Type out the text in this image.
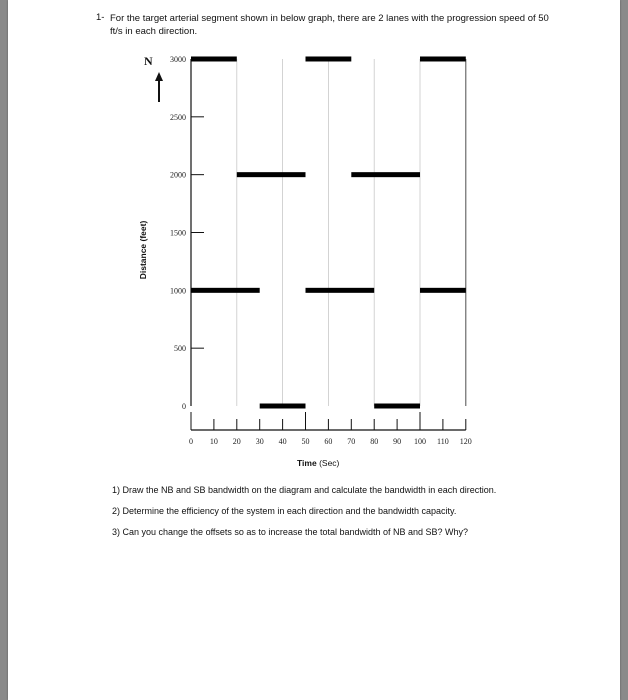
1- For the target arterial segment shown in below graph, there are 2 lanes with the progression speed of 50 ft/s in each direction.
N
Distance (feet)
Time (Sec)
3000
2500
2000
1500
1000
500
0
0 10 20 30 40 50 60 70 80 90 100 110 120
1) Draw the NB and SB bandwidth on the diagram and calculate the bandwidth in each direction.
2) Determine the efficiency of the system in each direction and the bandwidth capacity.
3) Can you change the offsets so as to increase the total bandwidth of NB and SB? Why?
